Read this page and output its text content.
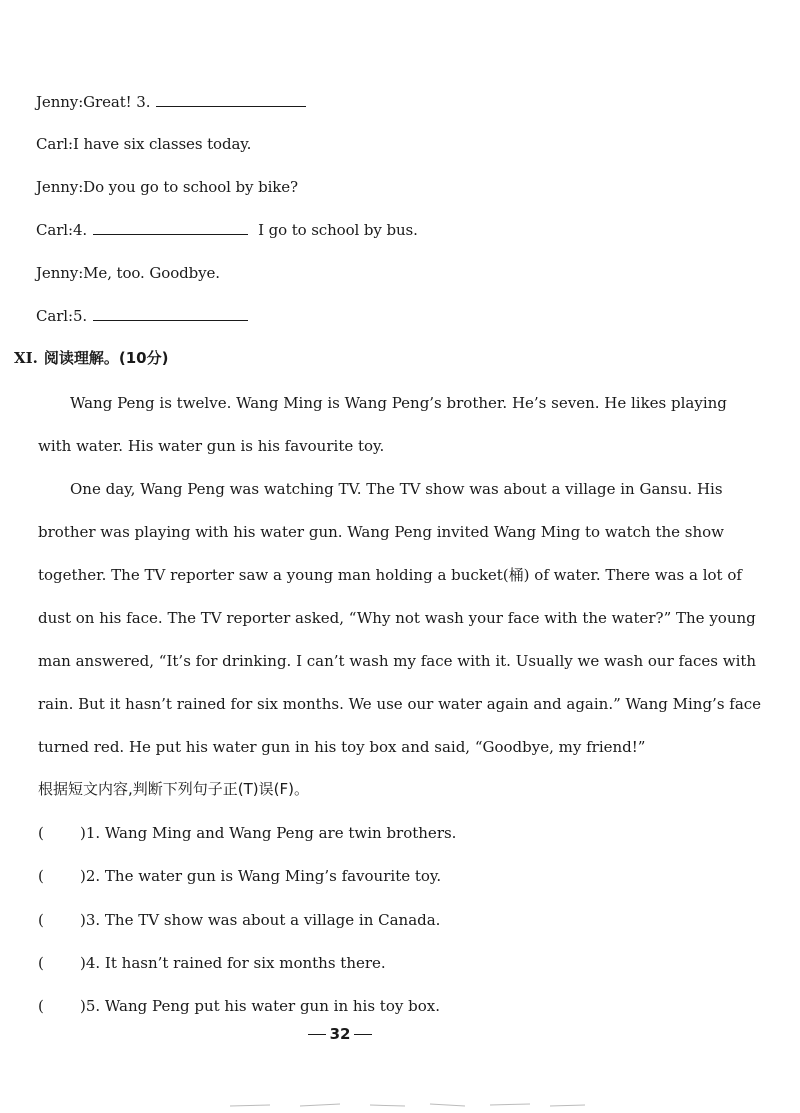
Jenny:Great! 3.
Carl:I have six classes today.
Jenny:Do you go to school by bike?
Carl:4.	I go to school by bus.
Jenny:Me, too. Goodbye.
Carl:5.
XI. 阅读理解。(10分)
Wang Peng is twelve. Wang Ming is Wang Peng’s brother. He’s seven. He likes playing
with water. His water gun is his favourite toy.
One day, Wang Peng was watching TV. The TV show was about a village in Gansu. His
brother was playing with his water gun. Wang Peng invited Wang Ming to watch the show
together. The TV reporter saw a young man holding a bucket(桶) of water. There was a lot of
dust on his face. The TV reporter asked, “Why not wash your face with the water?” The young
man answered, “It’s for drinking. I can’t wash my face with it. Usually we wash our faces with
rain. But it hasn’t rained for six months. We use our water again and again.” Wang Ming’s face
turned red. He put his water gun in his toy box and said, “Goodbye, my friend!”
根据短文内容,判断下列句子正(T)误(F)。
( )1. Wang Ming and Wang Peng are twin brothers.
( )2. The water gun is Wang Ming’s favourite toy.
( )3. The TV show was about a village in Canada.
( )4. It hasn’t rained for six months there.
( )5. Wang Peng put his water gun in his toy box.
32
